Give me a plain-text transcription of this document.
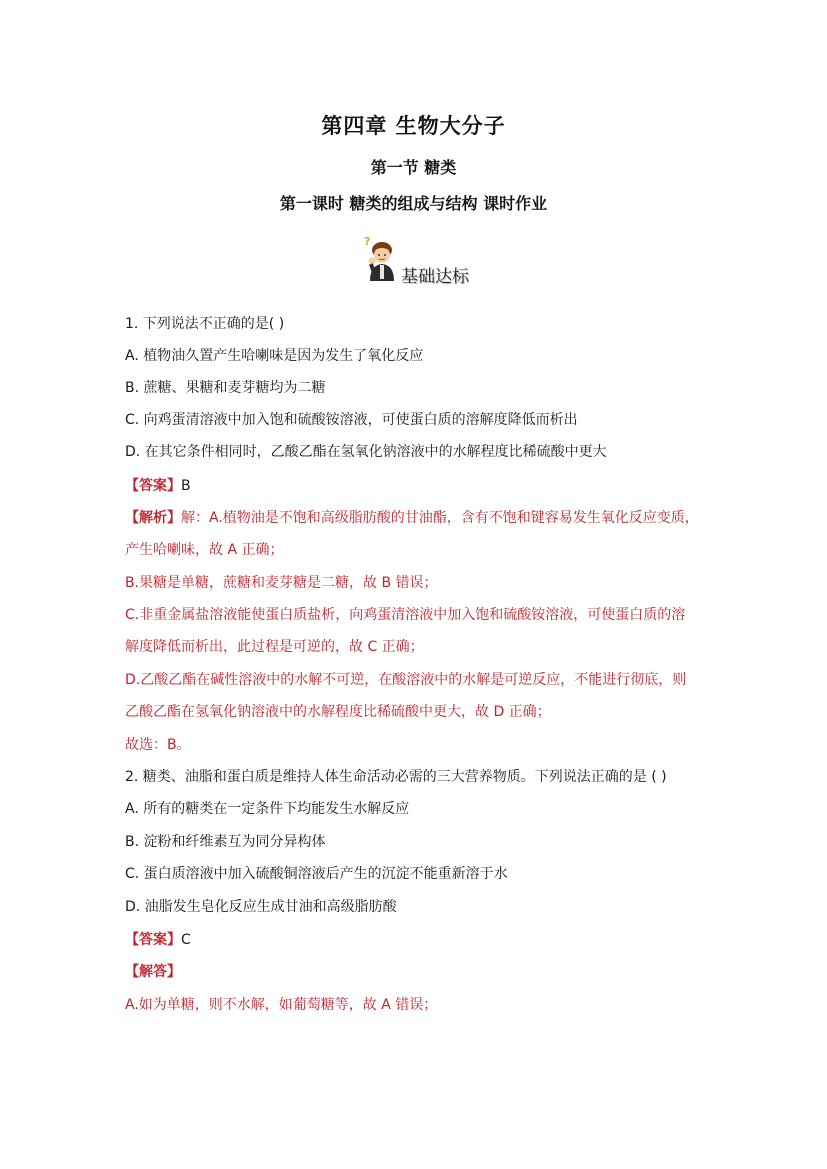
第四章 生物大分子
第一节 糖类
第一课时 糖类的组成与结构 课时作业
?
基础达标
1. 下列说法不正确的是( )
A. 植物油久置产生哈喇味是因为发生了氧化反应
B. 蔗糖、果糖和麦芽糖均为二糖
C. 向鸡蛋清溶液中加入饱和硫酸铵溶液，可使蛋白质的溶解度降低而析出
D. 在其它条件相同时，乙酸乙酯在氢氧化钠溶液中的水解程度比稀硫酸中更大
【答案】B
【解析】解：A.植物油是不饱和高级脂肪酸的甘油酯，含有不饱和键容易发生氧化反应变质，
产生哈喇味，故 A 正确；
B.果糖是单糖，蔗糖和麦芽糖是二糖，故 B 错误；
C.非重金属盐溶液能使蛋白质盐析，向鸡蛋清溶液中加入饱和硫酸铵溶液，可使蛋白质的溶
解度降低而析出，此过程是可逆的，故 C 正确；
D.乙酸乙酯在碱性溶液中的水解不可逆，在酸溶液中的水解是可逆反应，不能进行彻底，则
乙酸乙酯在氢氧化钠溶液中的水解程度比稀硫酸中更大，故 D 正确；
故选：B。
2. 糖类、油脂和蛋白质是维持人体生命活动必需的三大营养物质。下列说法正确的是 ( )
A. 所有的糖类在一定条件下均能发生水解反应
B. 淀粉和纤维素互为同分异构体
C. 蛋白质溶液中加入硫酸铜溶液后产生的沉淀不能重新溶于水
D. 油脂发生皂化反应生成甘油和高级脂肪酸
【答案】C
【解答】
A.如为单糖，则不水解，如葡萄糖等，故 A 错误；
